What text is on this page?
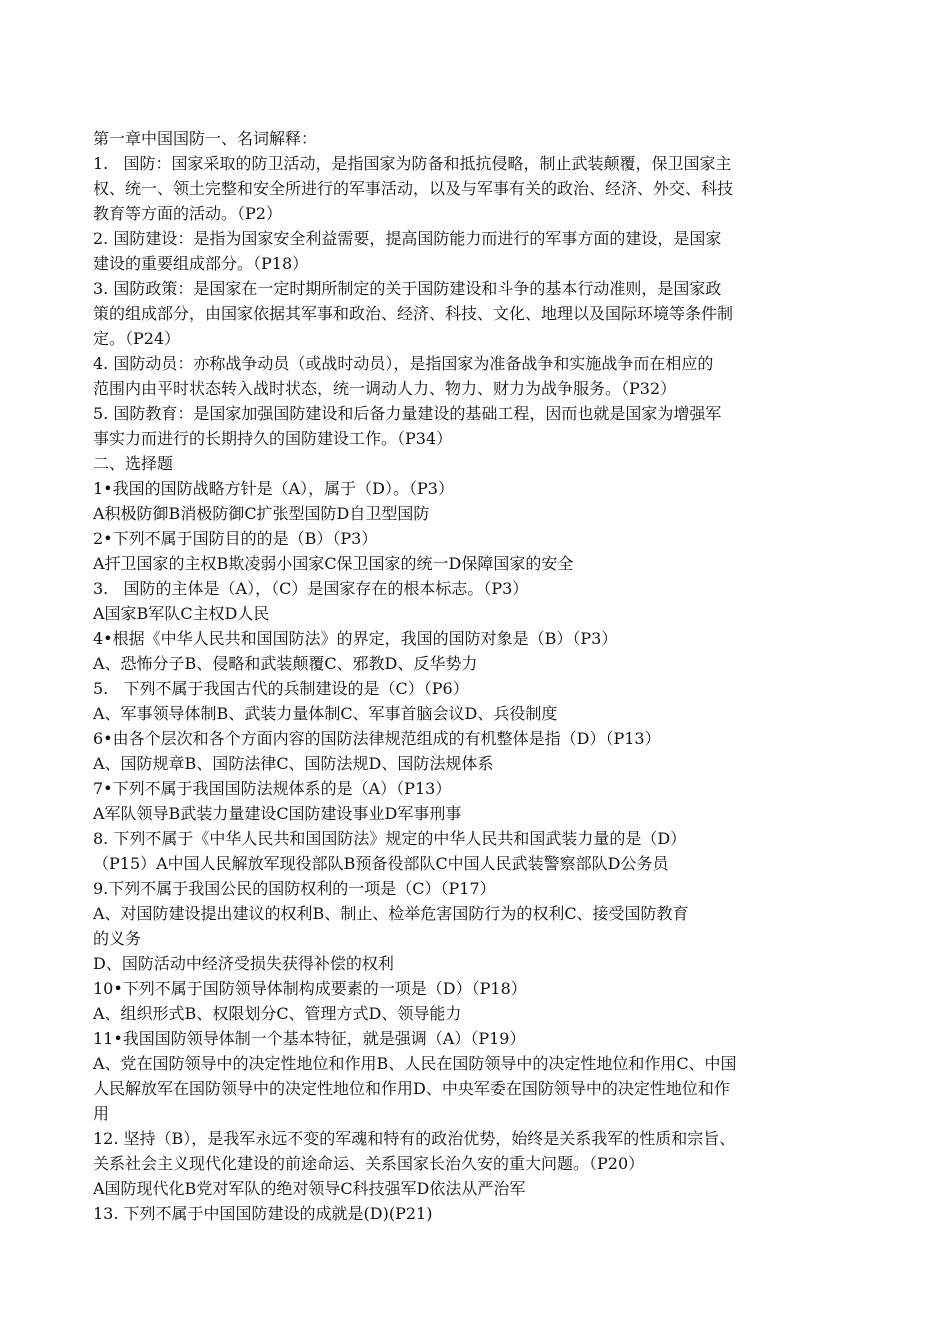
第一章中国国防一、名词解释：
1.   国防：国家采取的防卫活动，是指国家为防备和抵抗侵略，制止武装颠覆，保卫国家主
权、统一、领土完整和安全所进行的军事活动，以及与军事有关的政治、经济、外交、科技
教育等方面的活动。（P2）
2. 国防建设：是指为国家安全利益需要，提高国防能力而进行的军事方面的建设，是国家
建设的重要组成部分。（P18）
3. 国防政策：是国家在一定时期所制定的关于国防建设和斗争的基本行动准则，是国家政
策的组成部分，由国家依据其军事和政治、经济、科技、文化、地理以及国际环境等条件制
定。（P24）
4. 国防动员：亦称战争动员（或战时动员），是指国家为准备战争和实施战争而在相应的
范围内由平时状态转入战时状态，统一调动人力、物力、财力为战争服务。（P32）
5. 国防教育：是国家加强国防建设和后备力量建设的基础工程，因而也就是国家为增强军
事实力而进行的长期持久的国防建设工作。（P34）
二、选择题
1•我国的国防战略方针是（A），属于（D）。（P3）
A积极防御B消极防御C扩张型国防D自卫型国防
2•下列不属于国防目的的是（B）（P3）
A扞卫国家的主权B欺凌弱小国家C保卫国家的统一D保障国家的安全
3.   国防的主体是（A），（C）是国家存在的根本标志。（P3）
A国家B军队C主权D人民
4•根据《中华人民共和国国防法》的界定，我国的国防对象是（B）（P3）
A、恐怖分子B、侵略和武装颠覆C、邪教D、反华势力
5.   下列不属于我国古代的兵制建设的是（C）（P6）
A、军事领导体制B、武装力量体制C、军事首脑会议D、兵役制度
6•由各个层次和各个方面内容的国防法律规范组成的有机整体是指（D）（P13）
A、国防规章B、国防法律C、国防法规D、国防法规体系
7•下列不属于我国国防法规体系的是（A）（P13）
A军队领导B武装力量建设C国防建设事业D军事刑事
8. 下列不属于《中华人民共和国国防法》规定的中华人民共和国武装力量的是（D）
（P15）A中国人民解放军现役部队B预备役部队C中国人民武装警察部队D公务员
9.下列不属于我国公民的国防权利的一项是（C）（P17）
A、对国防建设提出建议的权利B、制止、检举危害国防行为的权利C、接受国防教育
的义务
D、国防活动中经济受损失获得补偿的权利
10•下列不属于国防领导体制构成要素的一项是（D）（P18）
A、组织形式B、权限划分C、管理方式D、领导能力
11•我国国防领导体制一个基本特征，就是强调（A）（P19）
A、党在国防领导中的决定性地位和作用B、人民在国防领导中的决定性地位和作用C、中国
人民解放军在国防领导中的决定性地位和作用D、中央军委在国防领导中的决定性地位和作
用
12. 坚持（B），是我军永远不变的军魂和特有的政治优势，始终是关系我军的性质和宗旨、
关系社会主义现代化建设的前途命运、关系国家长治久安的重大问题。（P20）
A国防现代化B党对军队的绝对领导C科技强军D依法从严治军
13. 下列不属于中国国防建设的成就是(D)(P21)
